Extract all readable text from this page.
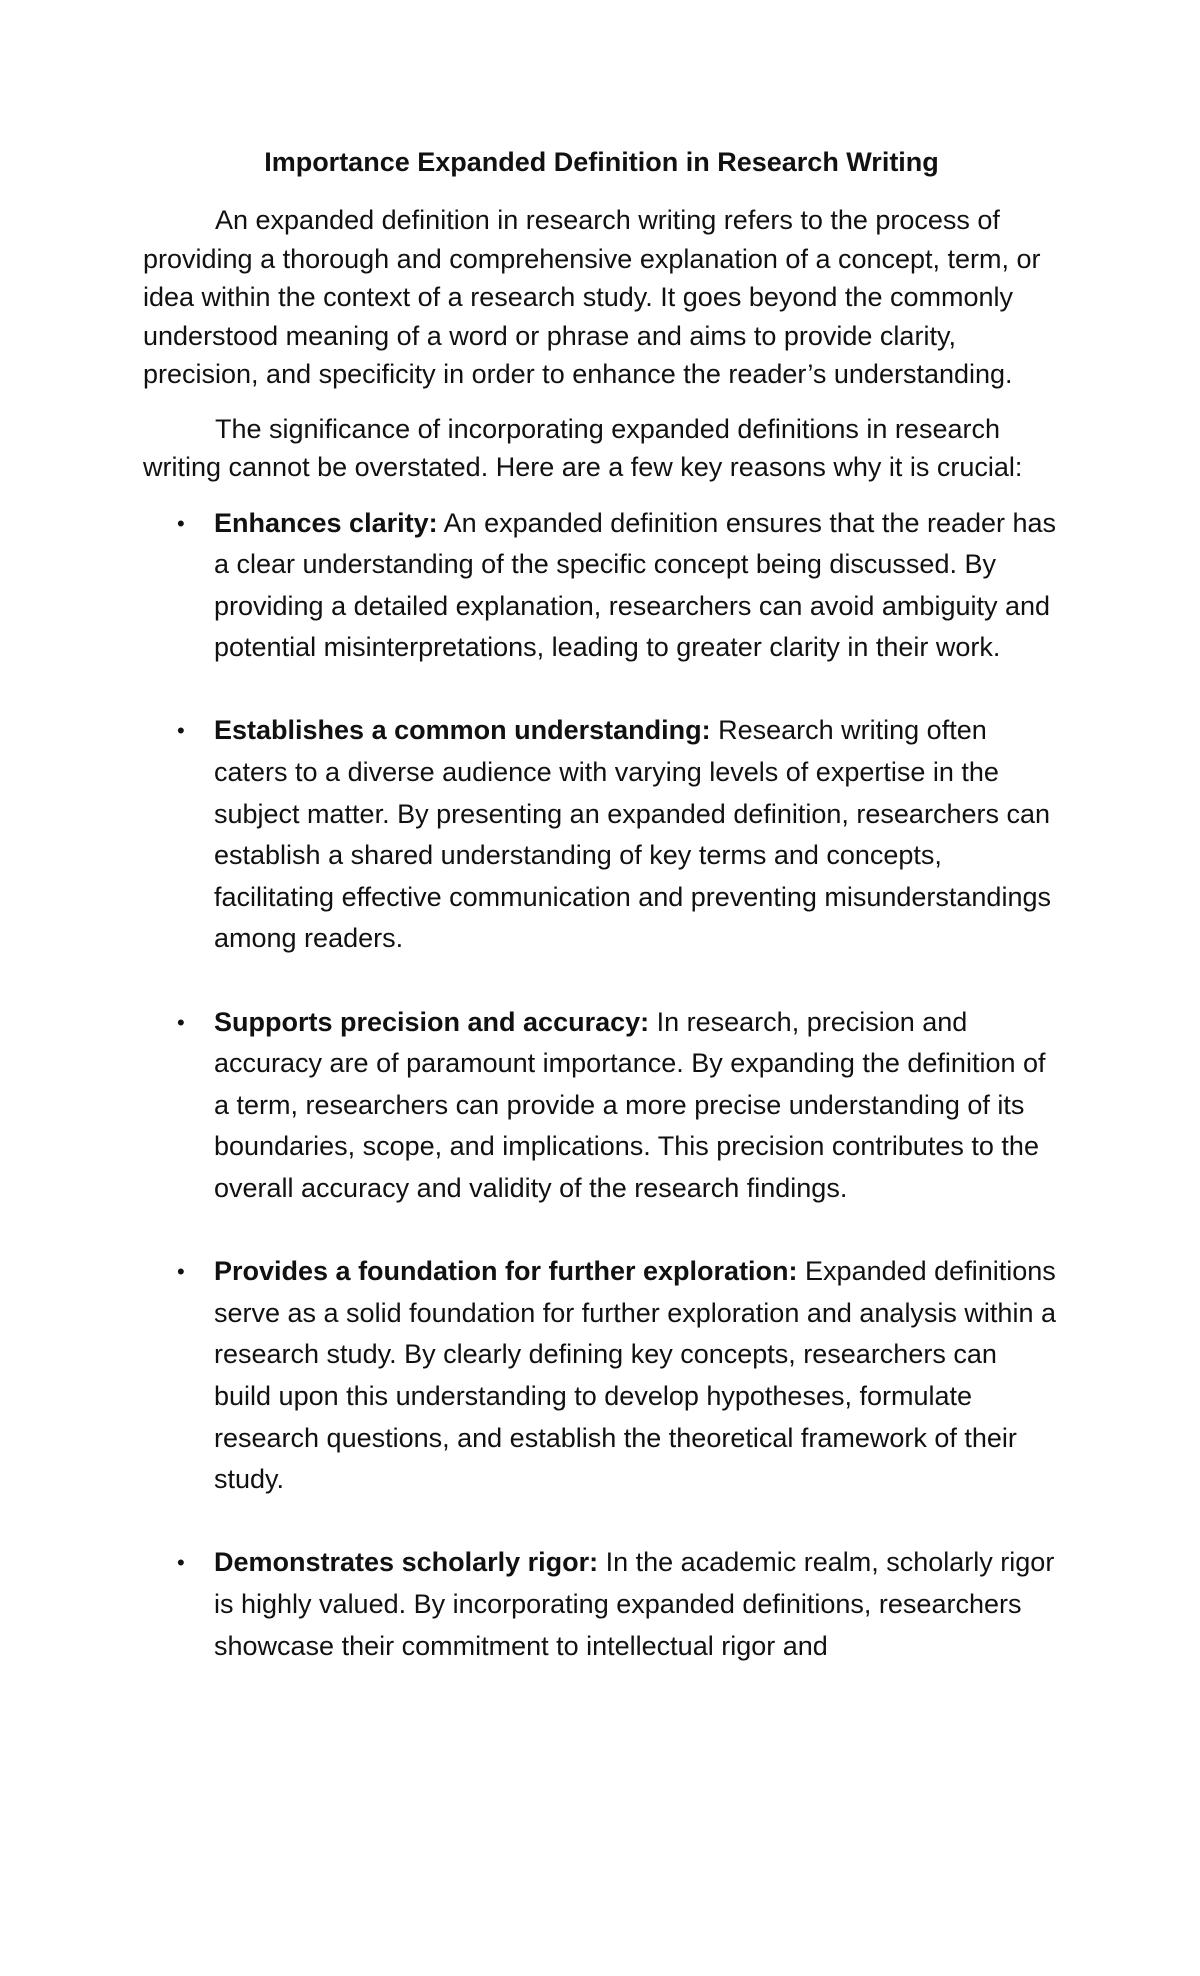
Importance Expanded Definition in Research Writing

An expanded definition in research writing refers to the process of providing a thorough and comprehensive explanation of a concept, term, or idea within the context of a research study. It goes beyond the commonly understood meaning of a word or phrase and aims to provide clarity, precision, and specificity in order to enhance the reader’s understanding.

The significance of incorporating expanded definitions in research writing cannot be overstated. Here are a few key reasons why it is crucial:

• Enhances clarity: An expanded definition ensures that the reader has a clear understanding of the specific concept being discussed. By providing a detailed explanation, researchers can avoid ambiguity and potential misinterpretations, leading to greater clarity in their work.
• Establishes a common understanding: Research writing often caters to a diverse audience with varying levels of expertise in the subject matter. By presenting an expanded definition, researchers can establish a shared understanding of key terms and concepts, facilitating effective communication and preventing misunderstandings among readers.
• Supports precision and accuracy: In research, precision and accuracy are of paramount importance. By expanding the definition of a term, researchers can provide a more precise understanding of its boundaries, scope, and implications. This precision contributes to the overall accuracy and validity of the research findings.
• Provides a foundation for further exploration: Expanded definitions serve as a solid foundation for further exploration and analysis within a research study. By clearly defining key concepts, researchers can build upon this understanding to develop hypotheses, formulate research questions, and establish the theoretical framework of their study.
• Demonstrates scholarly rigor: In the academic realm, scholarly rigor is highly valued. By incorporating expanded definitions, researchers showcase their commitment to intellectual rigor and
